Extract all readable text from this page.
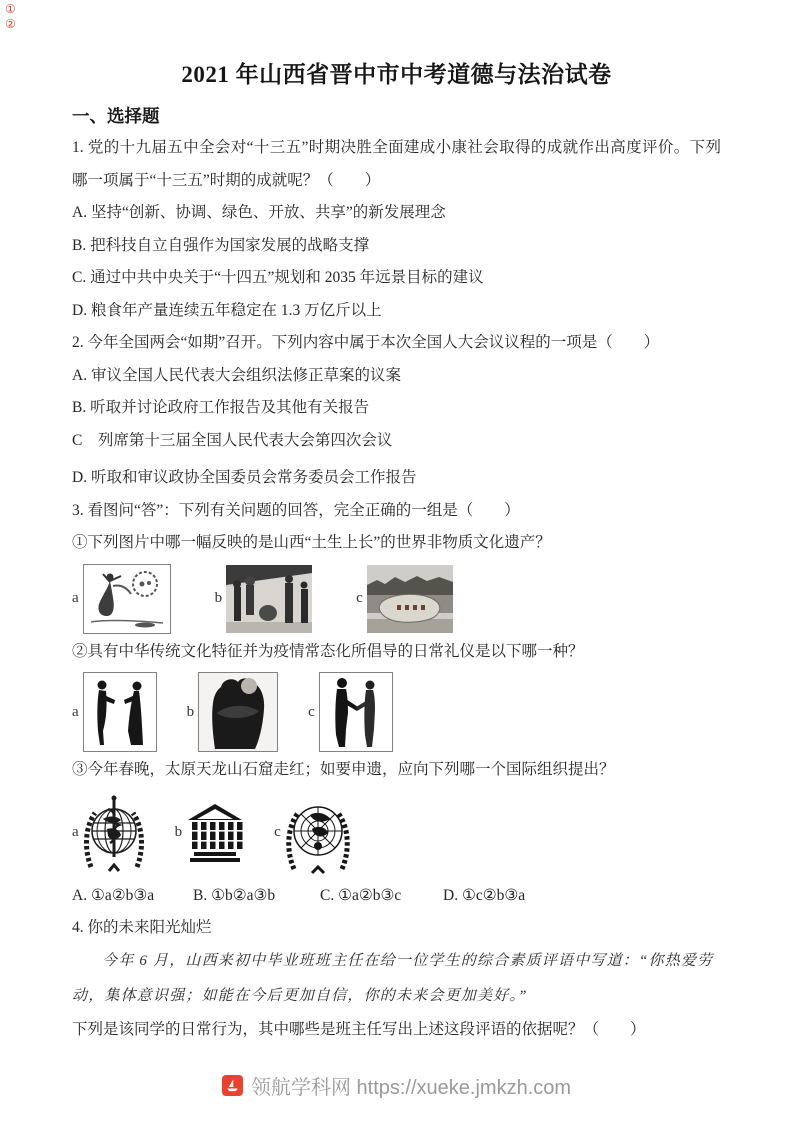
①
②
2021 年山西省晋中市中考道德与法治试卷
一、选择题

1. 党的十九届五中全会对“十三五”时期决胜全面建成小康社会取得的成就作出高度评价。下列哪一项属于“十三五”时期的成就呢？（　　）

A. 坚持“创新、协调、绿色、开放、共享”的新发展理念

B. 把科技自立自强作为国家发展的战略支撑

C. 通过中共中央关于“十四五”规划和 2035 年远景目标的建议

D. 粮食年产量连续五年稳定在 1.3 万亿斤以上

2. 今年全国两会“如期”召开。下列内容中属于本次全国人大会议议程的一项是（　　）

A. 审议全国人民代表大会组织法修正草案的议案

B. 听取并讨论政府工作报告及其他有关报告

C　列席第十三届全国人民代表大会第四次会议

D. 听取和审议政协全国委员会常务委员会工作报告

3. 看图问“答”：下列有关问题的回答，完全正确的一组是（　　）

①下列图片中哪一幅反映的是山西“土生上长”的世界非物质文化遗产？

a	b	c

②具有中华传统文化特征并为疫情常态化所倡导的日常礼仪是以下哪一种？

a	b	c

③今年春晚，太原天龙山石窟走红；如要申遗，应向下列哪一个国际组织提出？

a	b	c
A. ①a②b③a	B. ①b②a③b	C. ①a②b③c	D. ①c②b③a

4. 你的未来阳光灿烂

今年 6 月，山西来初中毕业班班主任在给一位学生的综合素质评语中写道：“你热爱劳动，集体意识强；如能在今后更加自信，你的未来会更加美好。”

下列是该同学的日常行为，其中哪些是班主任写出上述这段评语的依据呢？（　　）

领航学科网 https://xueke.jmkzh.com
